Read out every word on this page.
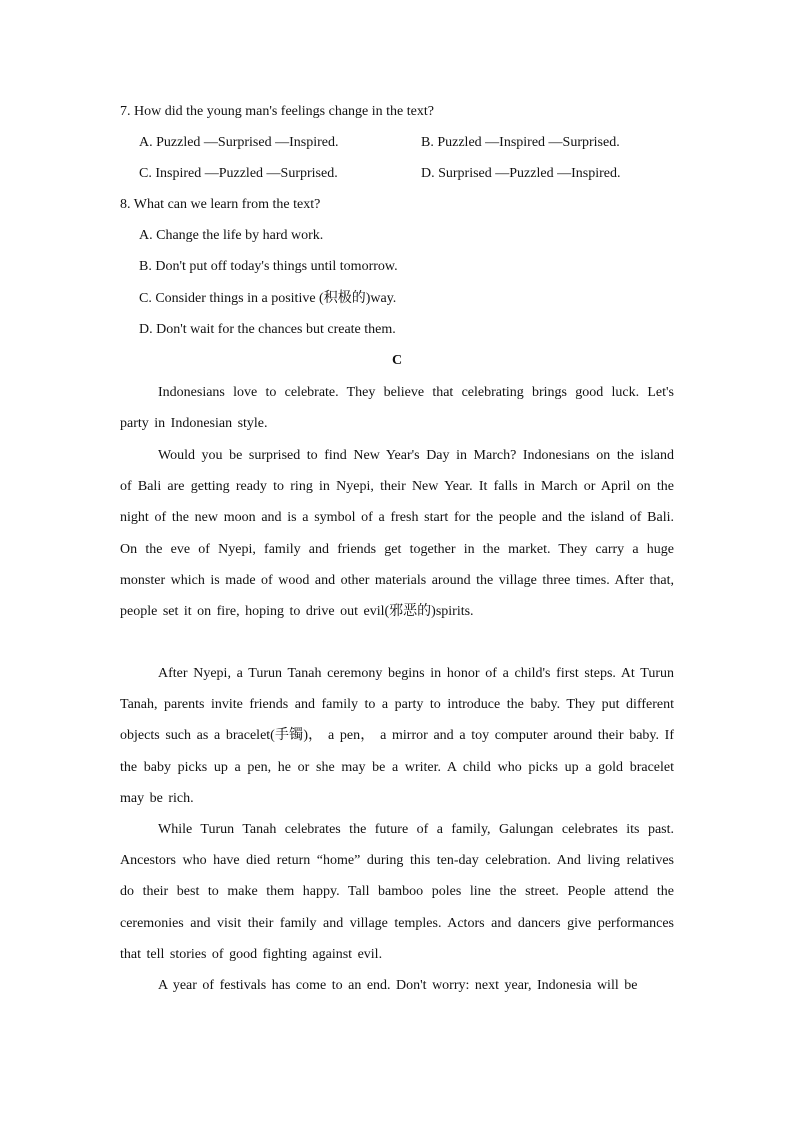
7. How did the young man's feelings change in the text?
A. Puzzled —Surprised —Inspired.	B. Puzzled —Inspired —Surprised.
C. Inspired —Puzzled —Surprised.	D. Surprised —Puzzled —Inspired.
8. What can we learn from the text?
A. Change the life by hard work.
B. Don't put off today's things until tomorrow.
C. Consider things in a positive (积极的)way.
D. Don't wait for the chances but create them.
C
Indonesians love to celebrate. They believe that celebrating brings good luck. Let's party in Indonesian style.
Would you be surprised to find New Year's Day in March? Indonesians on the island of Bali are getting ready to ring in Nyepi, their New Year. It falls in March or April on the night of the new moon and is a symbol of a fresh start for the people and the island of Bali. On the eve of Nyepi, family and friends get together in the market. They carry a huge monster which is made of wood and other materials around the village three times. After that, people set it on fire, hoping to drive out evil(邪恶的)spirits.
After Nyepi, a Turun Tanah ceremony begins in honor of a child's first steps. At Turun Tanah, parents invite friends and family to a party to introduce the baby. They put different objects such as a bracelet(手镯)， a pen， a mirror and a toy computer around their baby. If the baby picks up a pen, he or she may be a writer. A child who picks up a gold bracelet may be rich.
While Turun Tanah celebrates the future of a family, Galungan celebrates its past. Ancestors who have died return “home” during this ten-day celebration. And living relatives do their best to make them happy. Tall bamboo poles line the street. People attend the ceremonies and visit their family and village temples. Actors and dancers give performances that tell stories of good fighting against evil.
A year of festivals has come to an end. Don't worry: next year, Indonesia will be
